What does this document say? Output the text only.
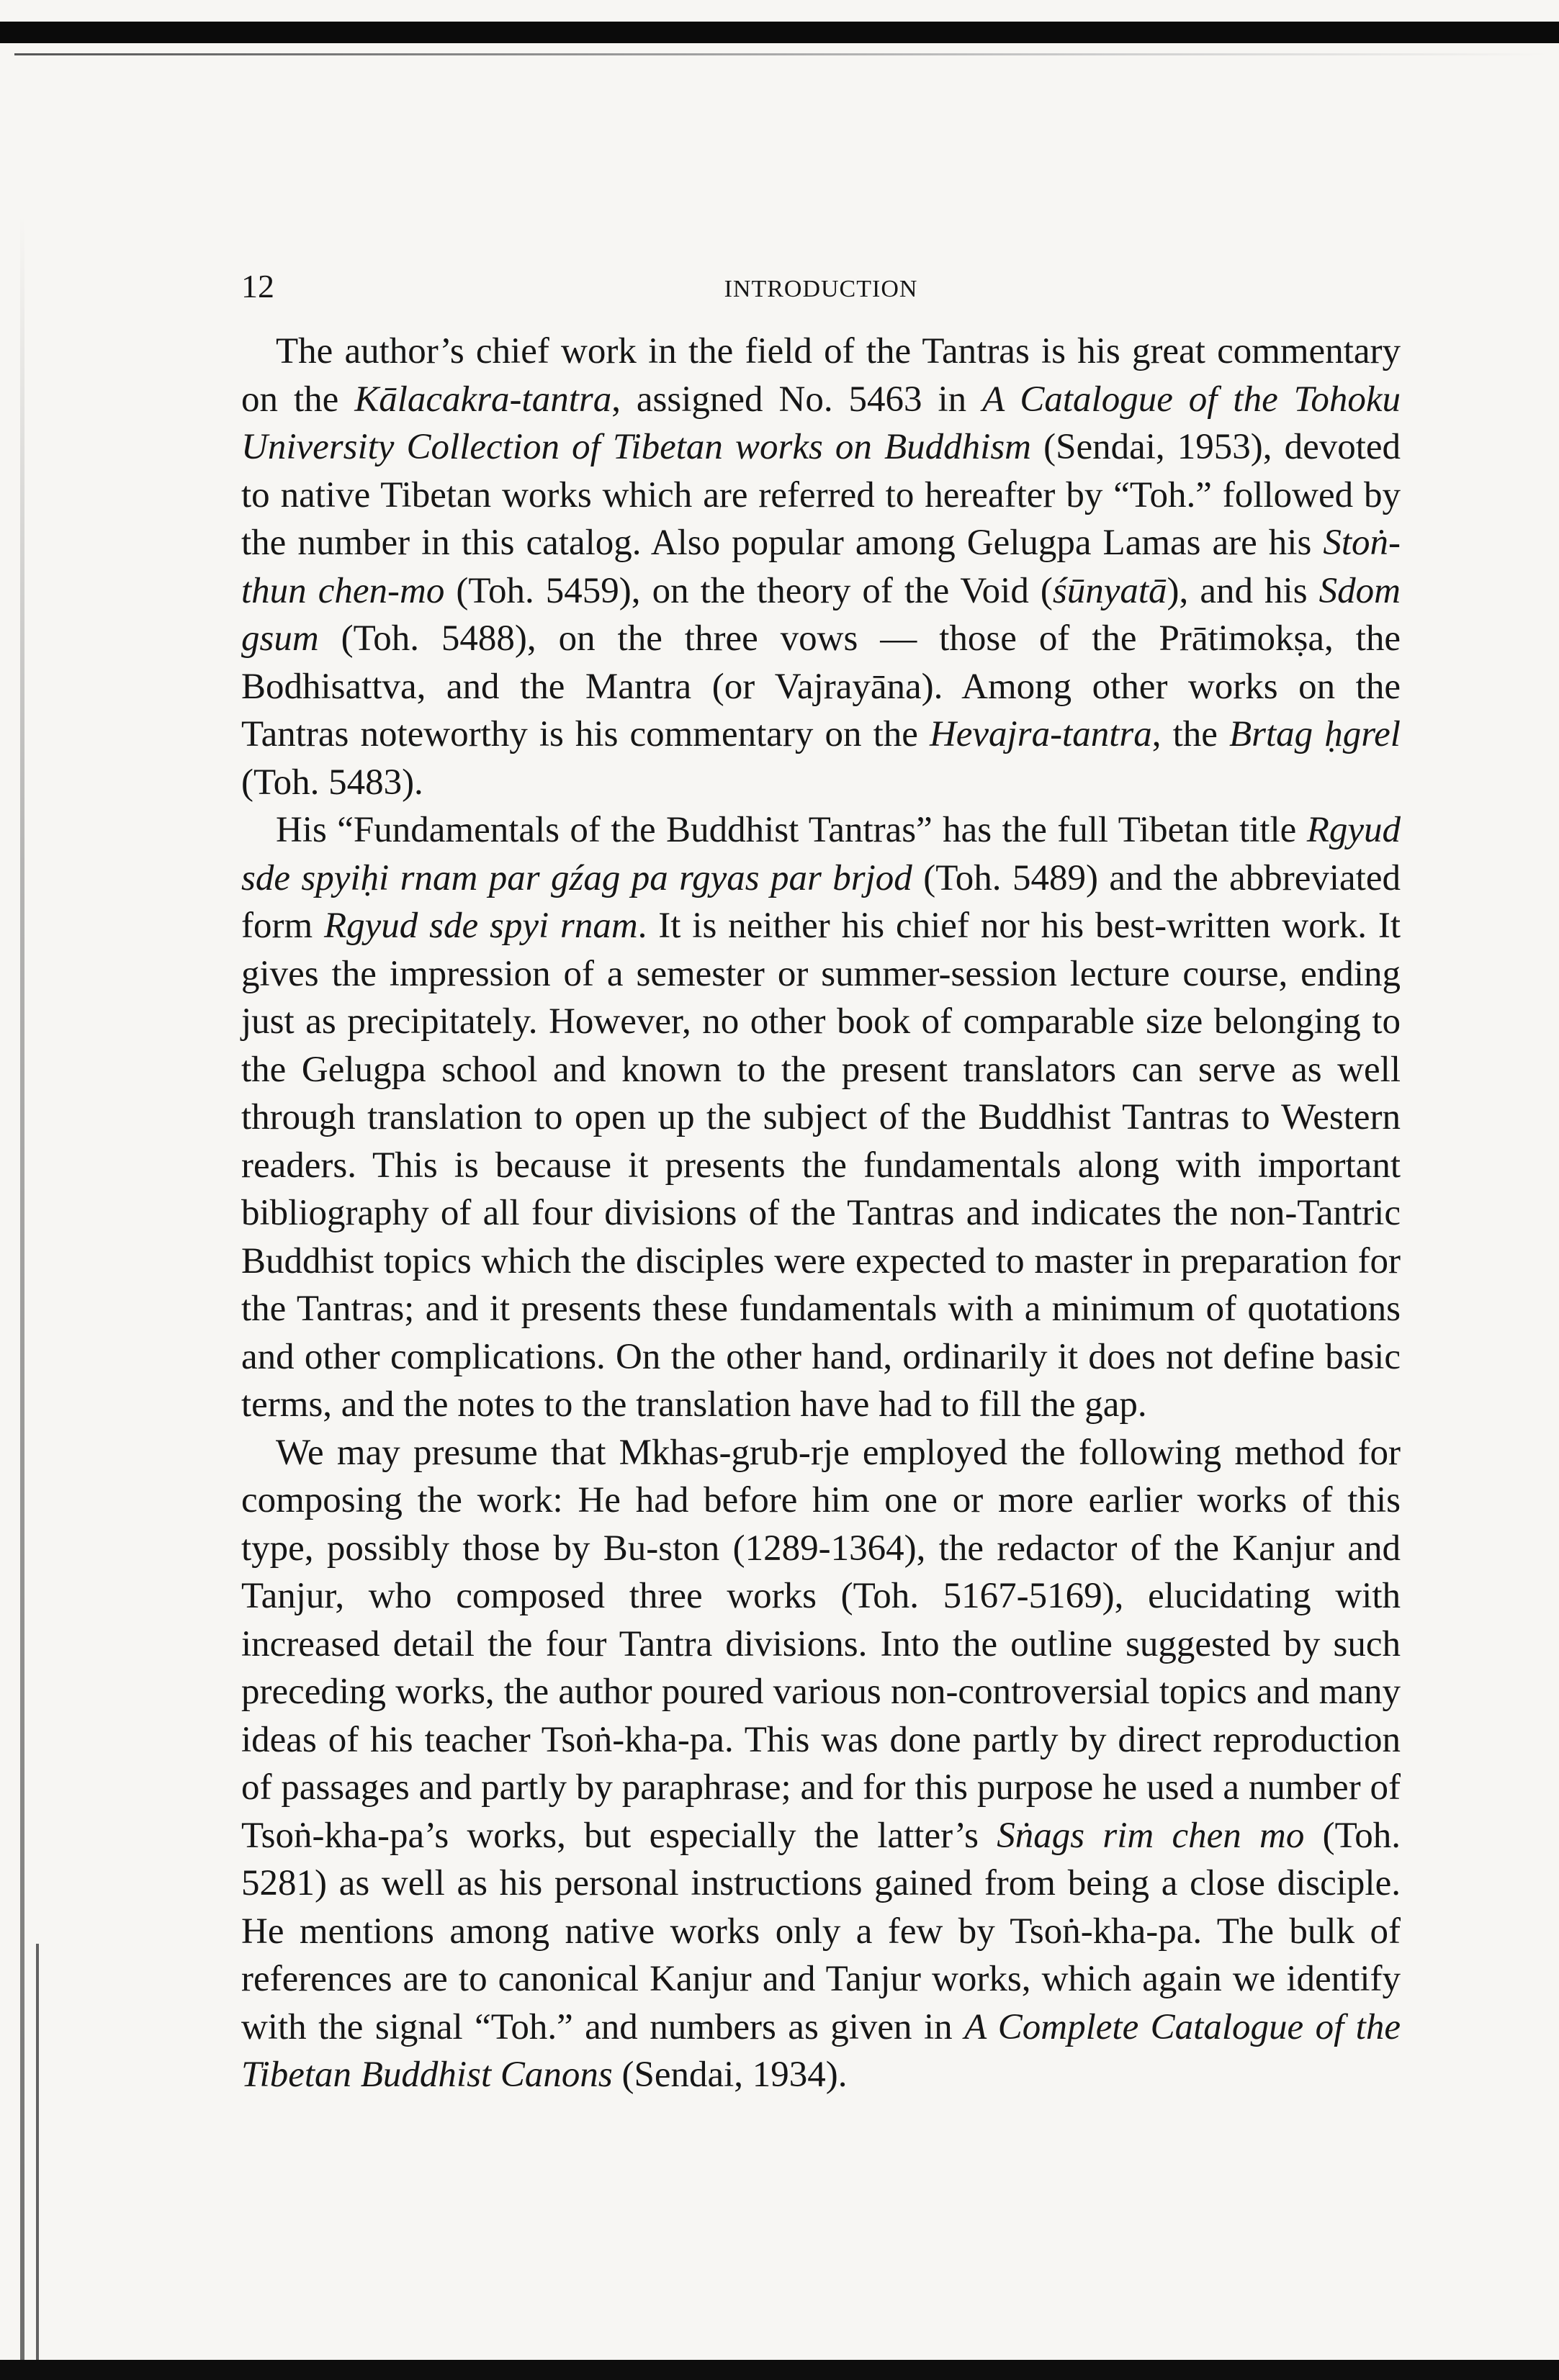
12	INTRODUCTION

The author’s chief work in the field of the Tantras is his great commentary on the Kālacakra-tantra, assigned No. 5463 in A Catalogue of the Tohoku University Collection of Tibetan works on Buddhism (Sendai, 1953), devoted to native Tibetan works which are referred to hereafter by “Toh.” followed by the number in this catalog. Also popular among Gelugpa Lamas are his Stoṅ-thun chen-mo (Toh. 5459), on the theory of the Void (śūnyatā), and his Sdom gsum (Toh. 5488), on the three vows — those of the Prātimokṣa, the Bodhisattva, and the Mantra (or Vajrayāna). Among other works on the Tantras noteworthy is his commentary on the Hevajra-tantra, the Brtag ḥgrel (Toh. 5483).

His “Fundamentals of the Buddhist Tantras” has the full Tibetan title Rgyud sde spyiḥi rnam par gźag pa rgyas par brjod (Toh. 5489) and the abbreviated form Rgyud sde spyi rnam. It is neither his chief nor his best-written work. It gives the impression of a semester or summer-session lecture course, ending just as precipitately. However, no other book of comparable size belonging to the Gelugpa school and known to the present translators can serve as well through translation to open up the subject of the Buddhist Tantras to Western readers. This is because it presents the fundamentals along with important bibliography of all four divisions of the Tantras and indicates the non-Tantric Buddhist topics which the disciples were expected to master in preparation for the Tantras; and it presents these fundamentals with a minimum of quotations and other complications. On the other hand, ordinarily it does not define basic terms, and the notes to the translation have had to fill the gap.

We may presume that Mkhas-grub-rje employed the following method for composing the work: He had before him one or more earlier works of this type, possibly those by Bu-ston (1289-1364), the redactor of the Kanjur and Tanjur, who composed three works (Toh. 5167-5169), elucidating with increased detail the four Tantra divisions. Into the outline suggested by such preceding works, the author poured various non-controversial topics and many ideas of his teacher Tsoṅ-kha-pa. This was done partly by direct reproduction of passages and partly by paraphrase; and for this purpose he used a number of Tsoṅ-kha-pa’s works, but especially the latter’s Sṅags rim chen mo (Toh. 5281) as well as his personal instructions gained from being a close disciple. He mentions among native works only a few by Tsoṅ-kha-pa. The bulk of references are to canonical Kanjur and Tanjur works, which again we identify with the signal “Toh.” and numbers as given in A Complete Catalogue of the Tibetan Buddhist Canons (Sendai, 1934).
